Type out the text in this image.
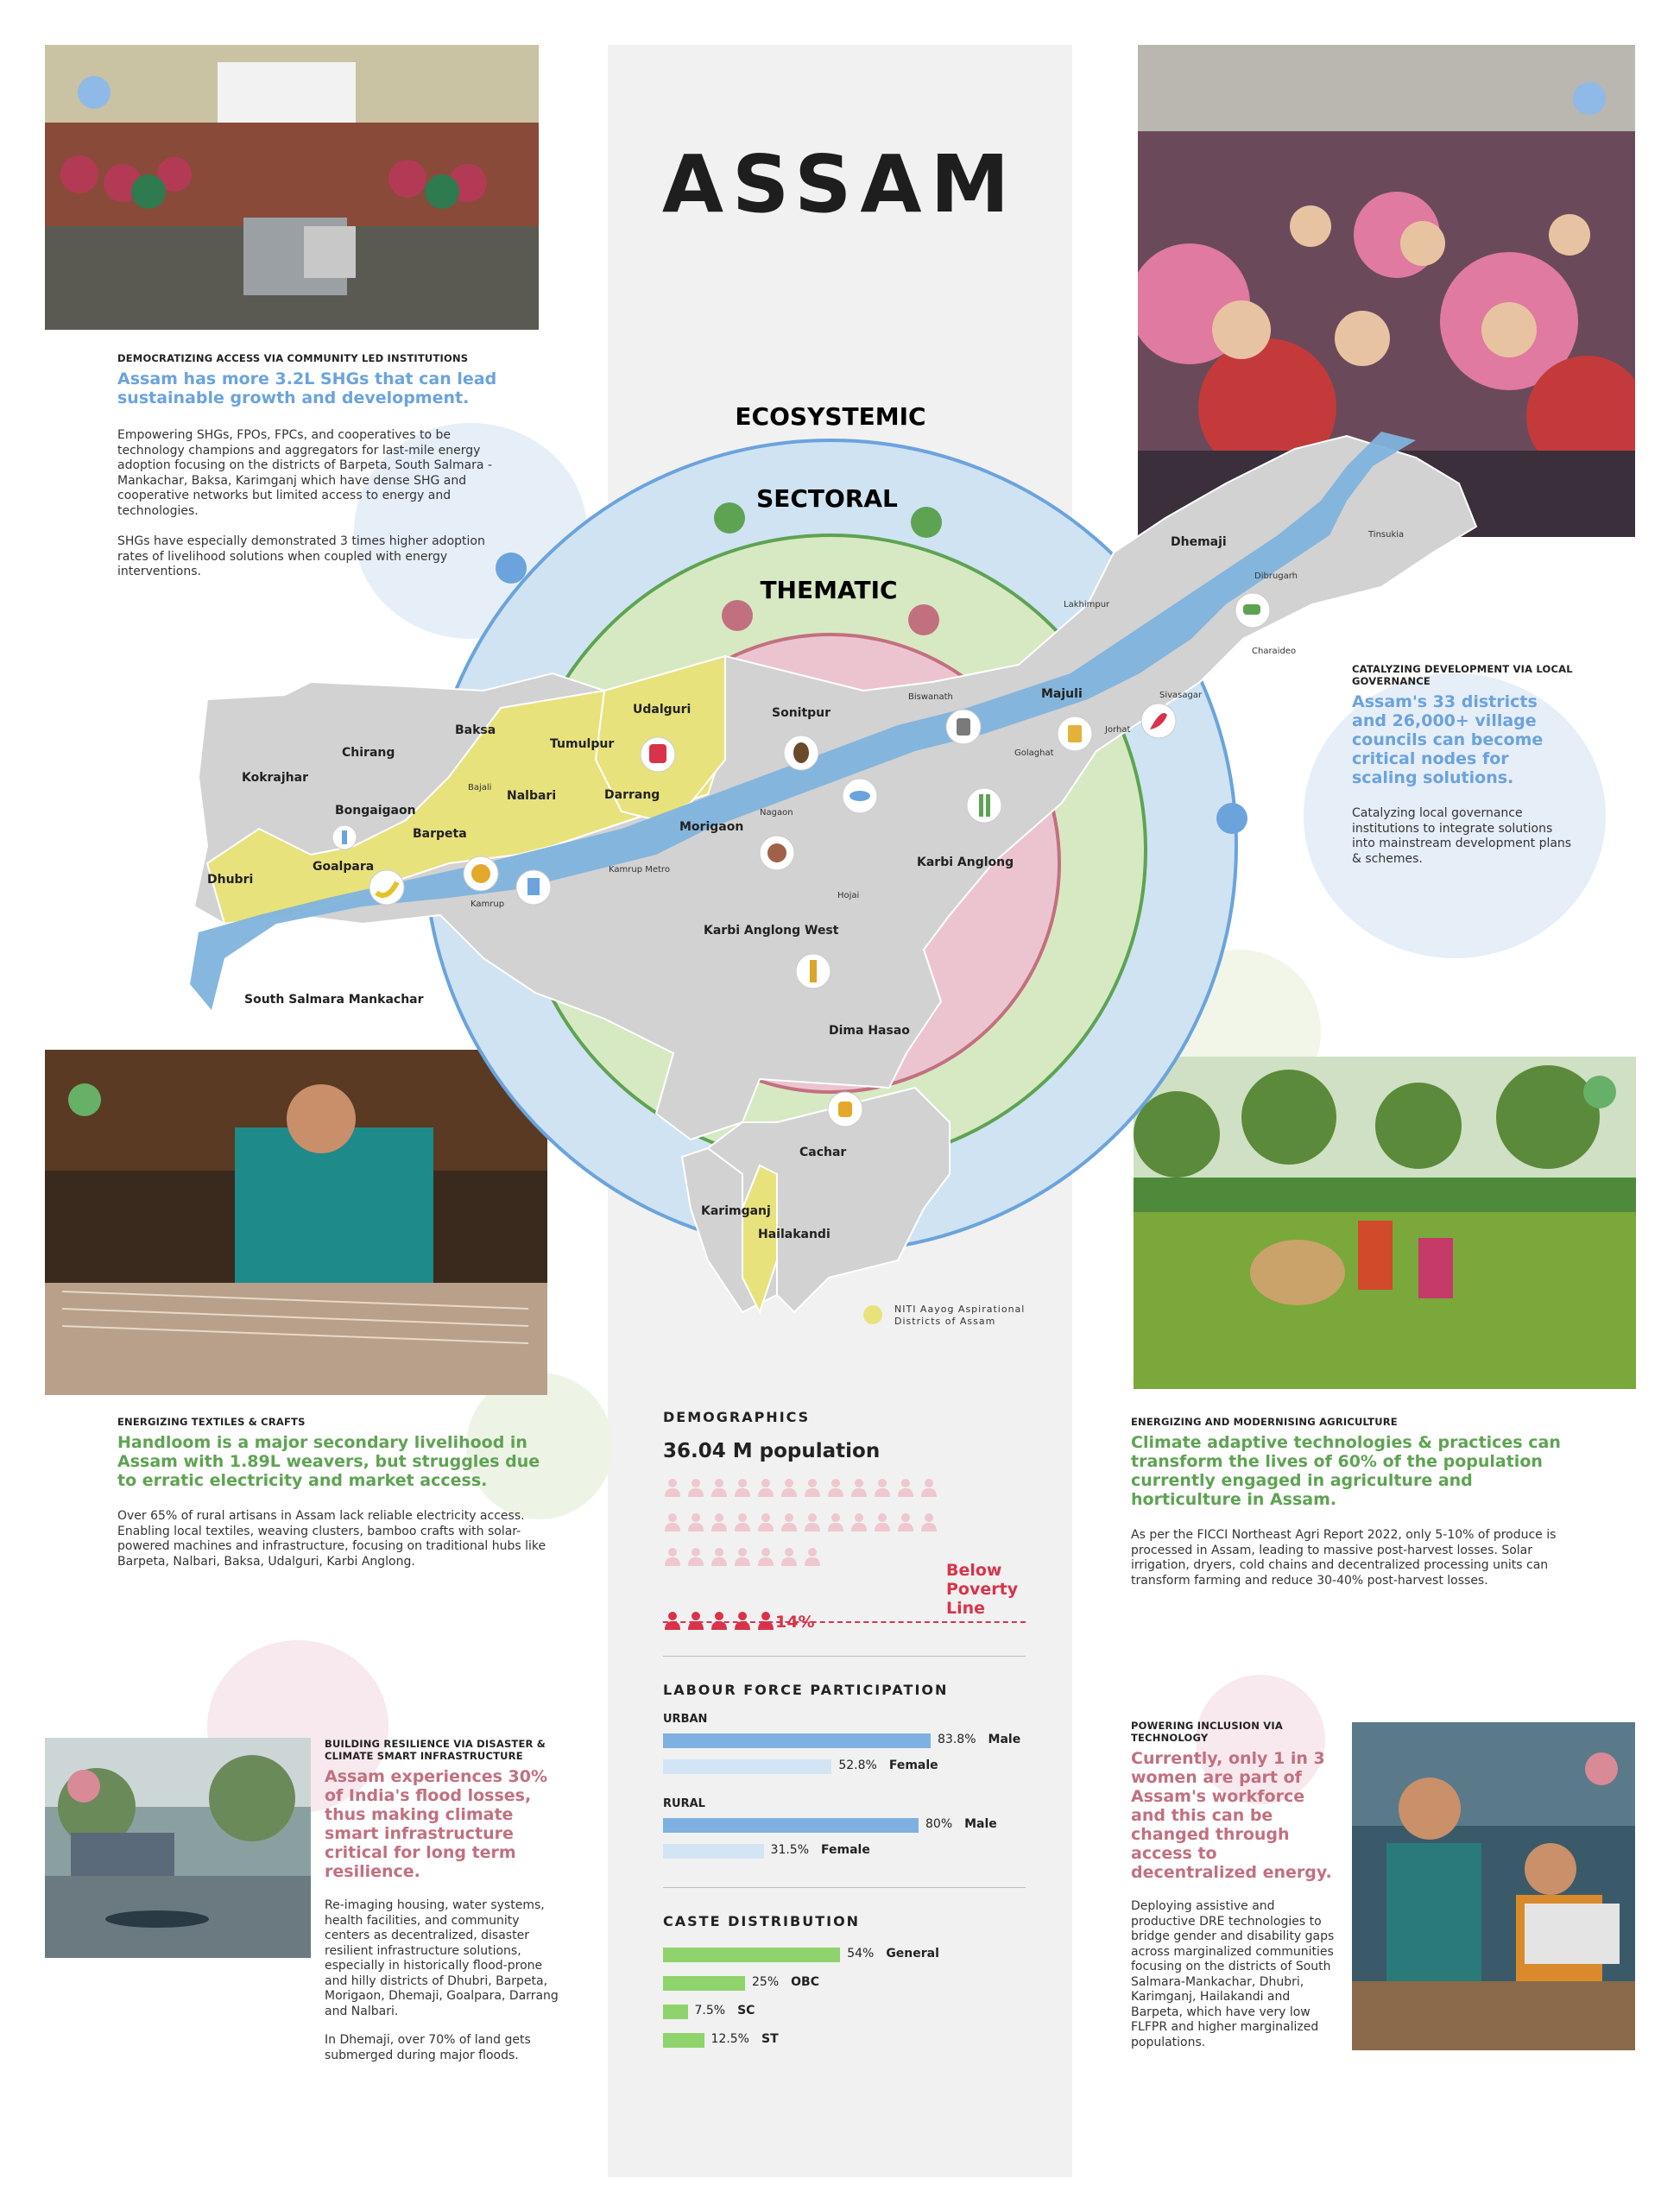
ASSAM
Kokrajhar
Chirang
Baksa
Udalguri
Tumulpur
Bongaigaon
Nalbari	Darrang
Sonitpur
Barpeta
Goalpara
Dhubri
Morigaon
Karbi Anglong
Karbi Anglong West
Dima Hasao
Cachar
Karimganj
Hailakandi
Dhemaji
Majuli
South Salmara Mankachar
Tinsukia
Dibrugarh
Lakhimpur
Charaideo
Sivasagar
Biswanath
Jorhat
Golaghat
Nagaon
Hojai
Bajali
Kamrup Metro
Kamrup
ECOSYSTEMIC
SECTORAL
THEMATIC
NITI Aayog Aspirational
Districts of Assam
DEMOCRATIZING ACCESS VIA COMMUNITY LED INSTITUTIONS
Assam has more 3.2L SHGs that can lead sustainable growth and development.
Empowering SHGs, FPOs, FPCs, and cooperatives to be technology champions and aggregators for last-mile energy adoption focusing on the districts of Barpeta, South Salmara -Mankachar, Baksa, Karimganj which have dense SHG and cooperative networks but limited access to energy and technologies.
SHGs have especially demonstrated 3 times higher adoption rates of livelihood solutions when coupled with energy interventions.
CATALYZING DEVELOPMENT VIA LOCAL GOVERNANCE
Assam's 33 districts and 26,000+ village councils can become critical nodes for scaling solutions.
Catalyzing local governance institutions to integrate solutions into mainstream development plans & schemes.
ENERGIZING TEXTILES & CRAFTS
Handloom is a major secondary livelihood in Assam with 1.89L weavers, but struggles due to erratic electricity and market access.
Over 65% of rural artisans in Assam lack reliable electricity access. Enabling local textiles, weaving clusters, bamboo crafts with solar-powered machines and infrastructure, focusing on traditional hubs like Barpeta, Nalbari, Baksa, Udalguri, Karbi Anglong.
ENERGIZING AND MODERNISING AGRICULTURE
Climate adaptive technologies & practices can transform the lives of 60% of the population currently engaged in agriculture and horticulture in Assam.
As per the FICCI Northeast Agri Report 2022, only 5-10% of produce is processed in Assam, leading to massive post-harvest losses. Solar irrigation, dryers, cold chains and decentralized processing units can transform farming and reduce 30-40% post-harvest losses.
BUILDING RESILIENCE VIA DISASTER & CLIMATE SMART INFRASTRUCTURE
Assam experiences 30% of India's flood losses, thus making climate smart infrastructure critical for long term resilience.
Re-imaging housing, water systems, health facilities, and community centers as decentralized, disaster resilient infrastructure solutions, especially in historically flood-prone and hilly districts of Dhubri, Barpeta, Morigaon, Dhemaji, Goalpara, Darrang and Nalbari.
In Dhemaji, over 70% of land gets submerged during major floods.
POWERING INCLUSION VIA TECHNOLOGY
Currently, only 1 in 3 women are part of Assam's workforce and this can be changed through access to decentralized energy.
Deploying assistive and productive DRE technologies to bridge gender and disability gaps across marginalized communities focusing on the districts of South Salmara-Mankachar, Dhubri, Karimganj, Hailakandi and Barpeta, which have very low FLFPR and higher marginalized populations.
DEMOGRAPHICS
36.04 M population
14%
Below
Poverty
Line
LABOUR FORCE PARTICIPATION
URBAN
RURAL
83.8% Male
52.8% Female
80% Male
31.5% Female
CASTE DISTRIBUTION
54% General
25% OBC
7.5% SC
12.5% ST
